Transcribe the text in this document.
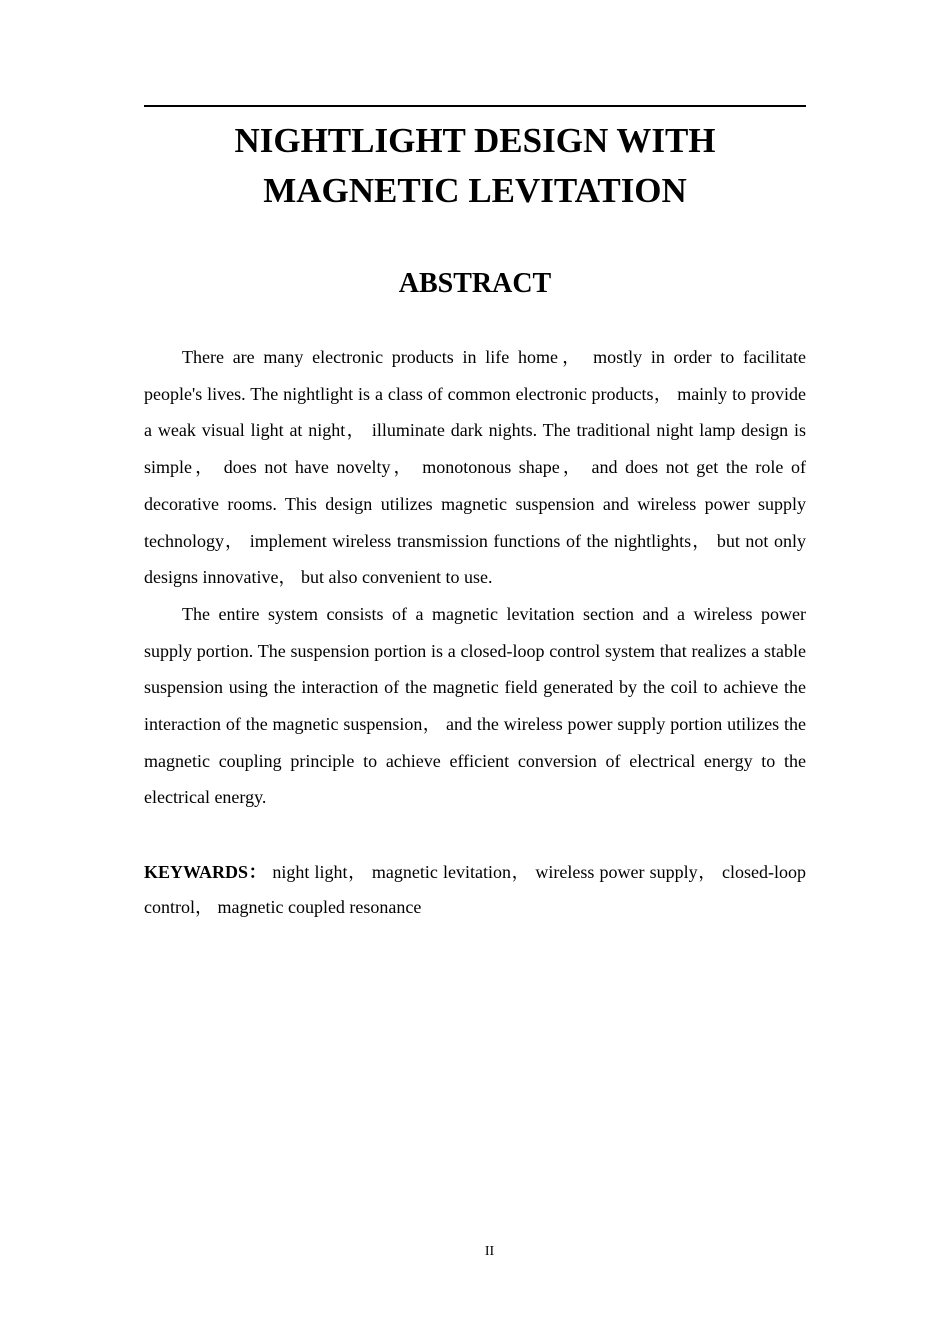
NIGHTLIGHT DESIGN WITH
MAGNETIC LEVITATION
ABSTRACT

There are many electronic products in life home， mostly in order to facilitate people's lives. The nightlight is a class of common electronic products， mainly to provide a weak visual light at night， illuminate dark nights. The traditional night lamp design is simple， does not have novelty， monotonous shape， and does not get the role of decorative rooms. This design utilizes magnetic suspension and wireless power supply technology， implement wireless transmission functions of the nightlights， but not only designs innovative， but also convenient to use.

The entire system consists of a magnetic levitation section and a wireless power supply portion. The suspension portion is a closed-loop control system that realizes a stable suspension using the interaction of the magnetic field generated by the coil to achieve the interaction of the magnetic suspension， and the wireless power supply portion utilizes the magnetic coupling principle to achieve efficient conversion of electrical energy to the electrical energy.

KEYWARDS： night light， magnetic levitation， wireless power supply， closed-loop control， magnetic coupled resonance

II
